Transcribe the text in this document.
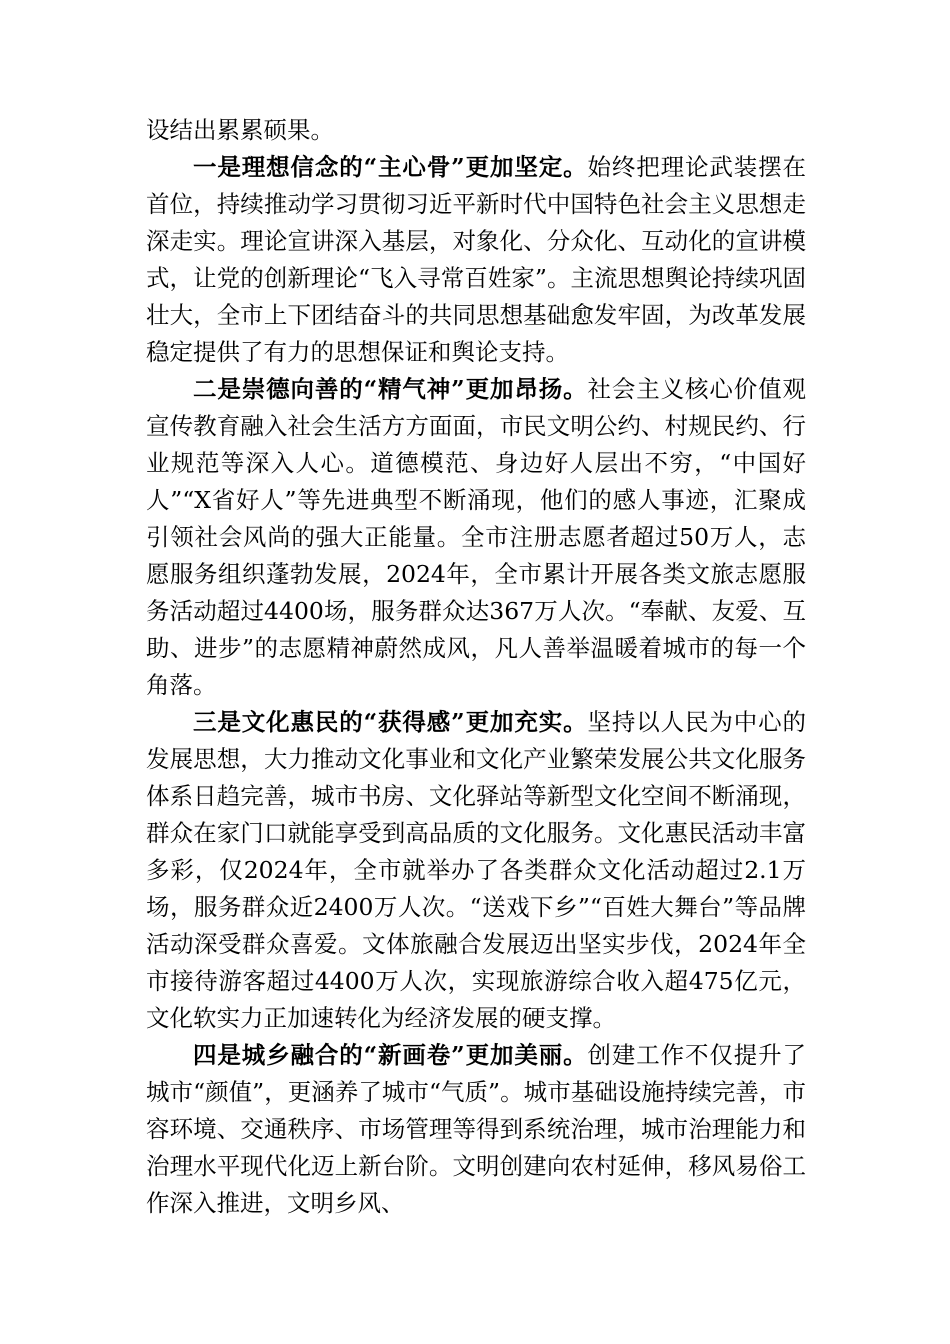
设结出累累硕果。

一是理想信念的“主心骨”更加坚定。始终把理论武装摆在首位，持续推动学习贯彻习近平新时代中国特色社会主义思想走深走实。理论宣讲深入基层，对象化、分众化、互动化的宣讲模式，让党的创新理论“飞入寻常百姓家”。主流思想舆论持续巩固壮大，全市上下团结奋斗的共同思想基础愈发牢固，为改革发展稳定提供了有力的思想保证和舆论支持。

二是崇德向善的“精气神”更加昂扬。社会主义核心价值观宣传教育融入社会生活方方面面，市民文明公约、村规民约、行业规范等深入人心。道德模范、身边好人层出不穷，“中国好人”“X省好人”等先进典型不断涌现，他们的感人事迹，汇聚成引领社会风尚的强大正能量。全市注册志愿者超过50万人，志愿服务组织蓬勃发展，2024年，全市累计开展各类文旅志愿服务活动超过4400场，服务群众达367万人次。“奉献、友爱、互助、进步”的志愿精神蔚然成风，凡人善举温暖着城市的每一个角落。

三是文化惠民的“获得感”更加充实。坚持以人民为中心的发展思想，大力推动文化事业和文化产业繁荣发展公共文化服务体系日趋完善，城市书房、文化驿站等新型文化空间不断涌现，群众在家门口就能享受到高品质的文化服务。文化惠民活动丰富多彩，仅2024年，全市就举办了各类群众文化活动超过2.1万场，服务群众近2400万人次。“送戏下乡”“百姓大舞台”等品牌活动深受群众喜爱。文体旅融合发展迈出坚实步伐，2024年全市接待游客超过4400万人次，实现旅游综合收入超475亿元，文化软实力正加速转化为经济发展的硬支撑。

四是城乡融合的“新画卷”更加美丽。创建工作不仅提升了城市“颜值”，更涵养了城市“气质”。城市基础设施持续完善，市容环境、交通秩序、市场管理等得到系统治理，城市治理能力和治理水平现代化迈上新台阶。文明创建向农村延伸，移风易俗工作深入推进，文明乡风、
